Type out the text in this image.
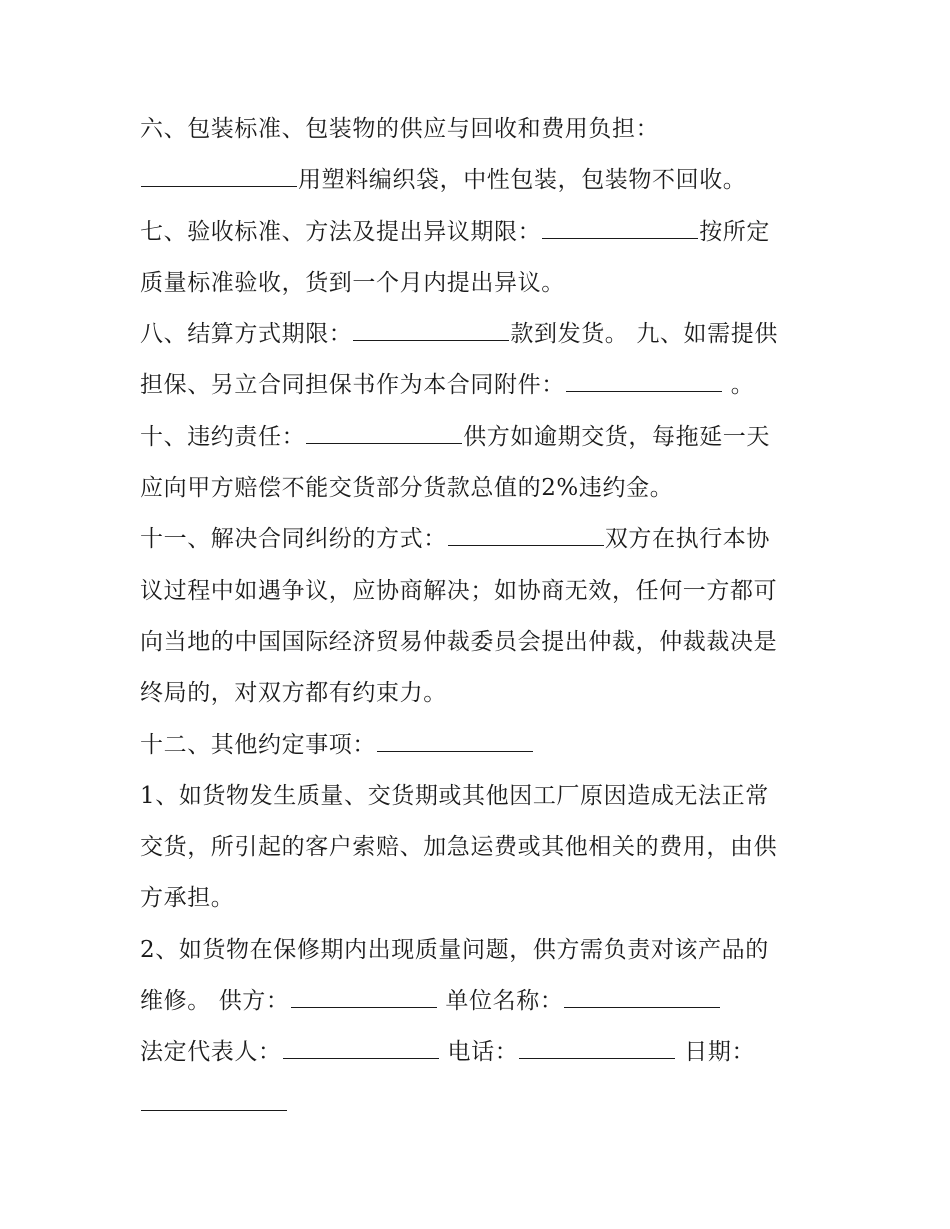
六、包装标准、包装物的供应与回收和费用负担：
用塑料编织袋，中性包装，包装物不回收。
七、验收标准、方法及提出异议期限：	按所定
质量标准验收，货到一个月内提出异议。
八、结算方式期限：	款到发货。 九、如需提供
担保、另立合同担保书作为本合同附件：	。
十、违约责任：	供方如逾期交货，每拖延一天
应向甲方赔偿不能交货部分货款总值的2%违约金。
十一、解决合同纠纷的方式：	双方在执行本协
议过程中如遇争议，应协商解决；如协商无效，任何一方都可
向当地的中国国际经济贸易仲裁委员会提出仲裁，仲裁裁决是
终局的，对双方都有约束力。
十二、其他约定事项：
1、如货物发生质量、交货期或其他因工厂原因造成无法正常
交货，所引起的客户索赔、加急运费或其他相关的费用，由供
方承担。
2、如货物在保修期内出现质量问题，供方需负责对该产品的
维修。 供方：	单位名称：
法定代表人：	电话：	日期：
